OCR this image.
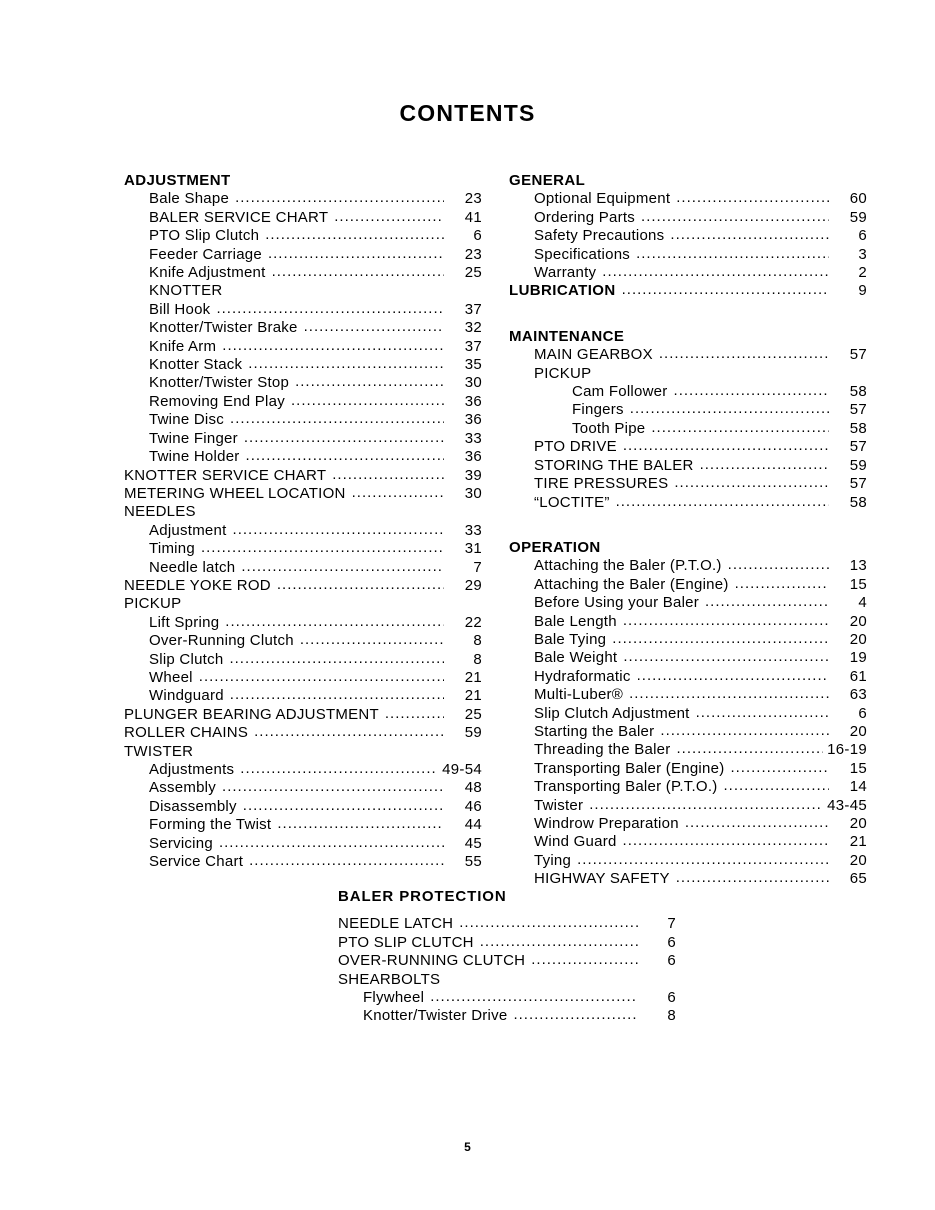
CONTENTS
ADJUSTMENT
Bale Shape .....	23
BALER SERVICE CHART .....	41
PTO Slip Clutch .....	6
Feeder Carriage .....	23
Knife Adjustment .....	25
KNOTTER
Bill Hook .....	37
Knotter/Twister Brake .....	32
Knife Arm .....	37
Knotter Stack .....	35
Knotter/Twister Stop .....	30
Removing End Play .....	36
Twine Disc .....	36
Twine Finger .....	33
Twine Holder .....	36
KNOTTER SERVICE CHART .....	39
METERING WHEEL LOCATION .....	30
NEEDLES
Adjustment .....	33
Timing .....	31
Needle latch .....	7
NEEDLE YOKE ROD .....	29
PICKUP
Lift Spring .....	22
Over-Running Clutch .....	8
Slip Clutch .....	8
Wheel .....	21
Windguard .....	21
PLUNGER BEARING ADJUSTMENT .....	25
ROLLER CHAINS .....	59
TWISTER
Adjustments .....	49-54
Assembly .....	48
Disassembly .....	46
Forming the Twist .....	44
Servicing .....	45
Service Chart .....	55
GENERAL
Optional Equipment .....	60
Ordering Parts .....	59
Safety Precautions .....	6
Specifications .....	3
Warranty .....	2
LUBRICATION .....	9
MAINTENANCE
MAIN GEARBOX .....	57
PICKUP
Cam Follower .....	58
Fingers .....	57
Tooth Pipe .....	58
PTO DRIVE .....	57
STORING THE BALER .....	59
TIRE PRESSURES .....	57
“LOCTITE” .....	58
OPERATION
Attaching the Baler (P.T.O.) .....	13
Attaching the Baler (Engine) .....	15
Before Using your Baler .....	4
Bale Length .....	20
Bale Tying .....	20
Bale Weight .....	19
Hydraformatic .....	61
Multi-Luber® .....	63
Slip Clutch Adjustment .....	6
Starting the Baler .....	20
Threading the Baler .....	16-19
Transporting Baler (Engine) .....	15
Transporting Baler (P.T.O.) .....	14
Twister .....	43-45
Windrow Preparation .....	20
Wind Guard .....	21
Tying .....	20
HIGHWAY SAFETY .....	65
BALER PROTECTION
NEEDLE LATCH .....	7
PTO SLIP CLUTCH .....	6
OVER-RUNNING CLUTCH .....	6
SHEARBOLTS
Flywheel .....	6
Knotter/Twister Drive .....	8
5
